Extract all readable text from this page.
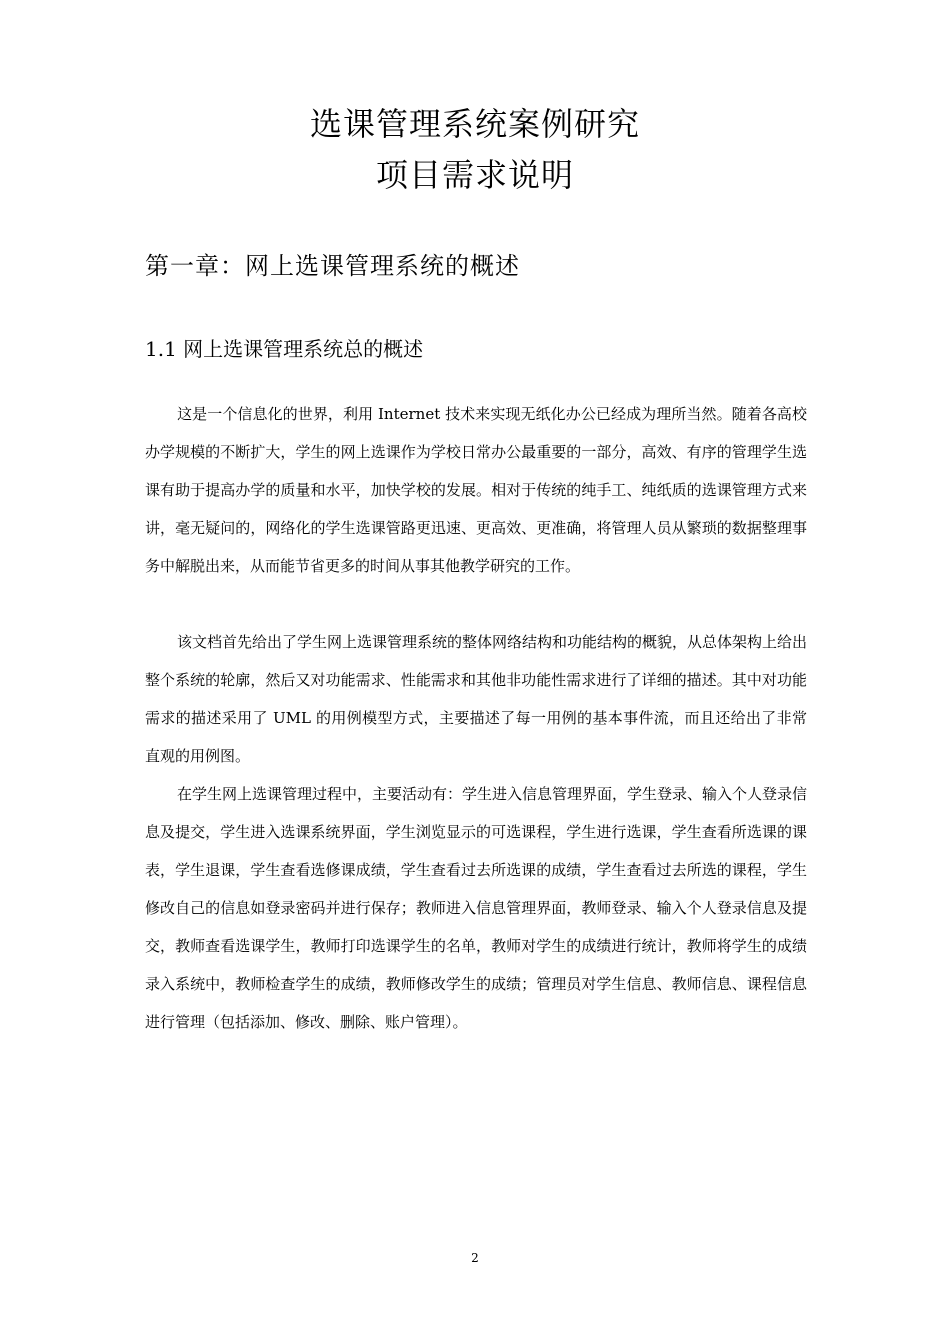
选课管理系统案例研究
项目需求说明
第一章：网上选课管理系统的概述
1.1 网上选课管理系统总的概述

这是一个信息化的世界，利用 Internet 技术来实现无纸化办公已经成为理所当然。随着各高校办学规模的不断扩大，学生的网上选课作为学校日常办公最重要的一部分，高效、有序的管理学生选课有助于提高办学的质量和水平，加快学校的发展。相对于传统的纯手工、纯纸质的选课管理方式来讲，毫无疑问的，网络化的学生选课管路更迅速、更高效、更准确，将管理人员从繁琐的数据整理事务中解脱出来，从而能节省更多的时间从事其他教学研究的工作。

该文档首先给出了学生网上选课管理系统的整体网络结构和功能结构的概貌，从总体架构上给出整个系统的轮廓，然后又对功能需求、性能需求和其他非功能性需求进行了详细的描述。其中对功能需求的描述采用了 UML 的用例模型方式，主要描述了每一用例的基本事件流，而且还给出了非常直观的用例图。

在学生网上选课管理过程中，主要活动有：学生进入信息管理界面，学生登录、输入个人登录信息及提交，学生进入选课系统界面，学生浏览显示的可选课程，学生进行选课，学生查看所选课的课表，学生退课，学生查看选修课成绩，学生查看过去所选课的成绩，学生查看过去所选的课程，学生修改自己的信息如登录密码并进行保存；教师进入信息管理界面，教师登录、输入个人登录信息及提交，教师查看选课学生，教师打印选课学生的名单，教师对学生的成绩进行统计，教师将学生的成绩录入系统中，教师检查学生的成绩，教师修改学生的成绩；管理员对学生信息、教师信息、课程信息进行管理（包括添加、修改、删除、账户管理）。

2
